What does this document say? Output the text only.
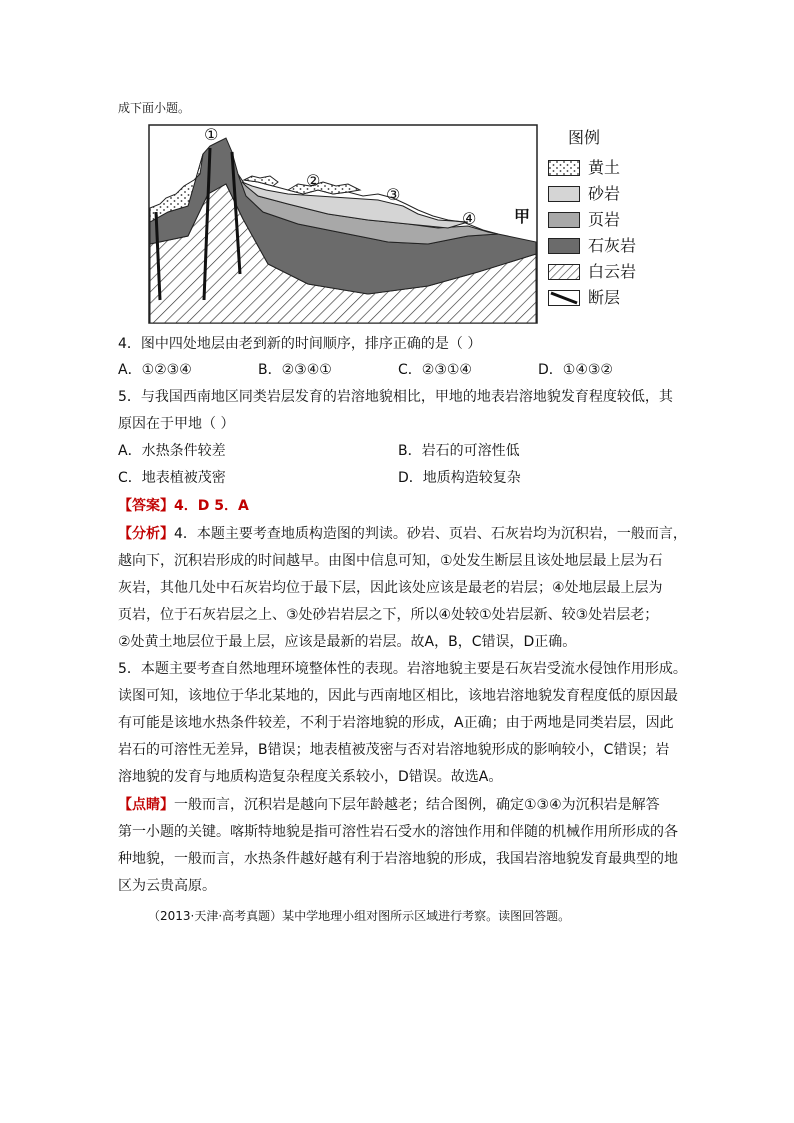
成下面小题。
①
②
③
④ 甲
图例
黄土
砂岩
页岩
石灰岩
白云岩
断层
4．图中四处地层由老到新的时间顺序，排序正确的是（ ）
A．①②③④	B．②③④①	C．②③①④	D．①④③②
5．与我国西南地区同类岩层发育的岩溶地貌相比，甲地的地表岩溶地貌发育程度较低，其
原因在于甲地（ ）
A．水热条件较差	B．岩石的可溶性低
C．地表植被茂密	D．地质构造较复杂
【答案】4．D 5．A
【分析】4．本题主要考查地质构造图的判读。砂岩、页岩、石灰岩均为沉积岩，一般而言，
越向下，沉积岩形成的时间越早。由图中信息可知，①处发生断层且该处地层最上层为石
灰岩，其他几处中石灰岩均位于最下层，因此该处应该是最老的岩层；④处地层最上层为
页岩，位于石灰岩层之上、③处砂岩岩层之下，所以④处较①处岩层新、较③处岩层老；
②处黄土地层位于最上层，应该是最新的岩层。故A，B，C错误，D正确。
5．本题主要考查自然地理环境整体性的表现。岩溶地貌主要是石灰岩受流水侵蚀作用形成。
读图可知，该地位于华北某地的，因此与西南地区相比，该地岩溶地貌发育程度低的原因最
有可能是该地水热条件较差，不利于岩溶地貌的形成，A正确；由于两地是同类岩层，因此
岩石的可溶性无差异，B错误；地表植被茂密与否对岩溶地貌形成的影响较小，C错误；岩
溶地貌的发育与地质构造复杂程度关系较小，D错误。故选A。
【点睛】一般而言，沉积岩是越向下层年龄越老；结合图例，确定①③④为沉积岩是解答
第一小题的关键。喀斯特地貌是指可溶性岩石受水的溶蚀作用和伴随的机械作用所形成的各
种地貌，一般而言，水热条件越好越有利于岩溶地貌的形成，我国岩溶地貌发育最典型的地
区为云贵高原。
（2013·天津·高考真题）某中学地理小组对图所示区域进行考察。读图回答题。
